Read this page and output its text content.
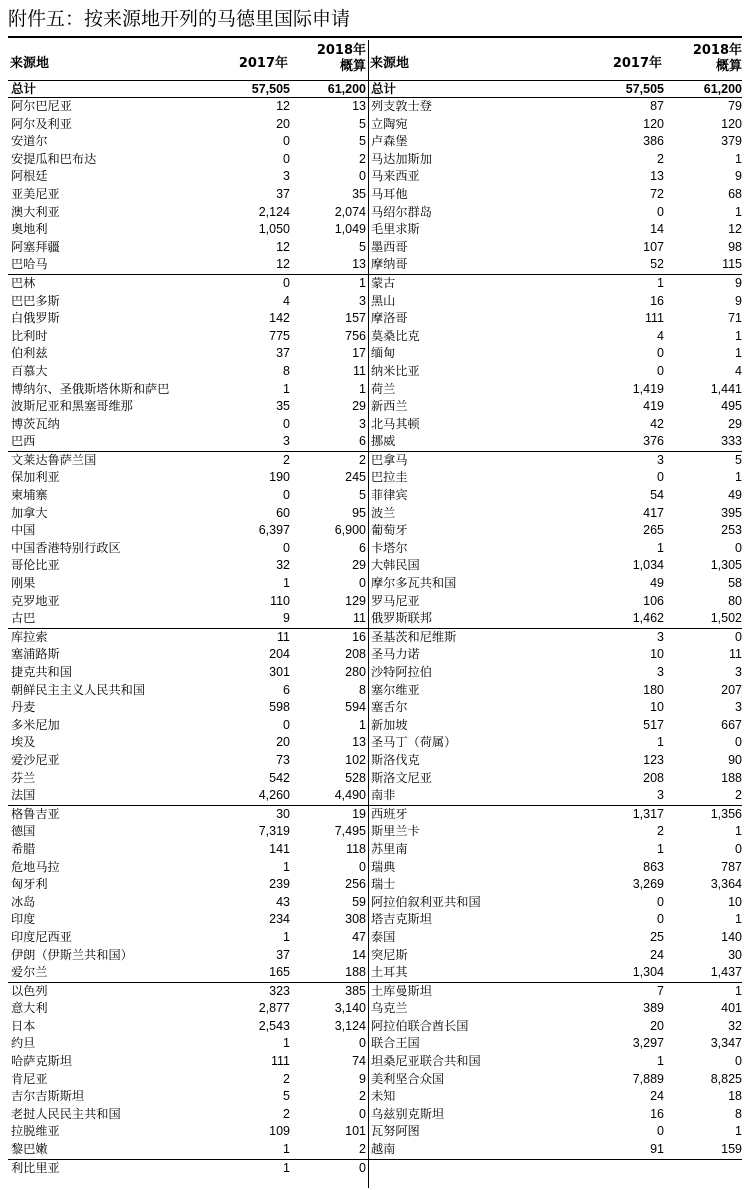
附件五：按来源地开列的马德里国际申请
来源地	2017年
2018年
概算
总计	57,505	61,200
阿尔巴尼亚	12	13
阿尔及利亚	20	5
安道尔	0	5
安提瓜和巴布达	0	2
阿根廷	3	0
亚美尼亚	37	35
澳大利亚	2,124	2,074
奥地利	1,050	1,049
阿塞拜疆	12	5
巴哈马	12	13
巴林	0	1
巴巴多斯	4	3
白俄罗斯	142	157
比利时	775	756
伯利兹	37	17
百慕大	8	11
博纳尔、圣俄斯塔休斯和萨巴	1	1
波斯尼亚和黑塞哥维那	35	29
博茨瓦纳	0	3
巴西	3	6
文莱达鲁萨兰国	2	2
保加利亚	190	245
柬埔寨	0	5
加拿大	60	95
中国	6,397	6,900
中国香港特别行政区	0	6
哥伦比亚	32	29
刚果	1	0
克罗地亚	110	129
古巴	9	11
库拉索	11	16
塞浦路斯	204	208
捷克共和国	301	280
朝鲜民主主义人民共和国	6	8
丹麦	598	594
多米尼加	0	1
埃及	20	13
爱沙尼亚	73	102
芬兰	542	528
法国	4,260	4,490
格鲁吉亚	30	19
德国	7,319	7,495
希腊	141	118
危地马拉	1	0
匈牙利	239	256
冰岛	43	59
印度	234	308
印度尼西亚	1	47
伊朗（伊斯兰共和国）	37	14
爱尔兰	165	188
以色列	323	385
意大利	2,877	3,140
日本	2,543	3,124
约旦	1	0
哈萨克斯坦	111	74
肯尼亚	2	9
吉尔吉斯斯坦	5	2
老挝人民民主共和国	2	0
拉脱维亚	109	101
黎巴嫩	1	2
利比里亚	1	0
来源地	2017年
2018年
概算
总计	57,505	61,200
列支敦士登	87	79
立陶宛	120	120
卢森堡	386	379
马达加斯加	2	1
马来西亚	13	9
马耳他	72	68
马绍尔群岛	0	1
毛里求斯	14	12
墨西哥	107	98
摩纳哥	52	115
蒙古	1	9
黑山	16	9
摩洛哥	111	71
莫桑比克	4	1
缅甸	0	1
纳米比亚	0	4
荷兰	1,419	1,441
新西兰	419	495
北马其顿	42	29
挪威	376	333
巴拿马	3	5
巴拉圭	0	1
菲律宾	54	49
波兰	417	395
葡萄牙	265	253
卡塔尔	1	0
大韩民国	1,034	1,305
摩尔多瓦共和国	49	58
罗马尼亚	106	80
俄罗斯联邦	1,462	1,502
圣基茨和尼维斯	3	0
圣马力诺	10	11
沙特阿拉伯	3	3
塞尔维亚	180	207
塞舌尔	10	3
新加坡	517	667
圣马丁（荷属）	1	0
斯洛伐克	123	90
斯洛文尼亚	208	188
南非	3	2
西班牙	1,317	1,356
斯里兰卡	2	1
苏里南	1	0
瑞典	863	787
瑞士	3,269	3,364
阿拉伯叙利亚共和国	0	10
塔吉克斯坦	0	1
泰国	25	140
突尼斯	24	30
土耳其	1,304	1,437
土库曼斯坦	7	1
乌克兰	389	401
阿拉伯联合酋长国	20	32
联合王国	3,297	3,347
坦桑尼亚联合共和国	1	0
美利坚合众国	7,889	8,825
未知	24	18
乌兹别克斯坦	16	8
瓦努阿图	0	1
越南	91	159
